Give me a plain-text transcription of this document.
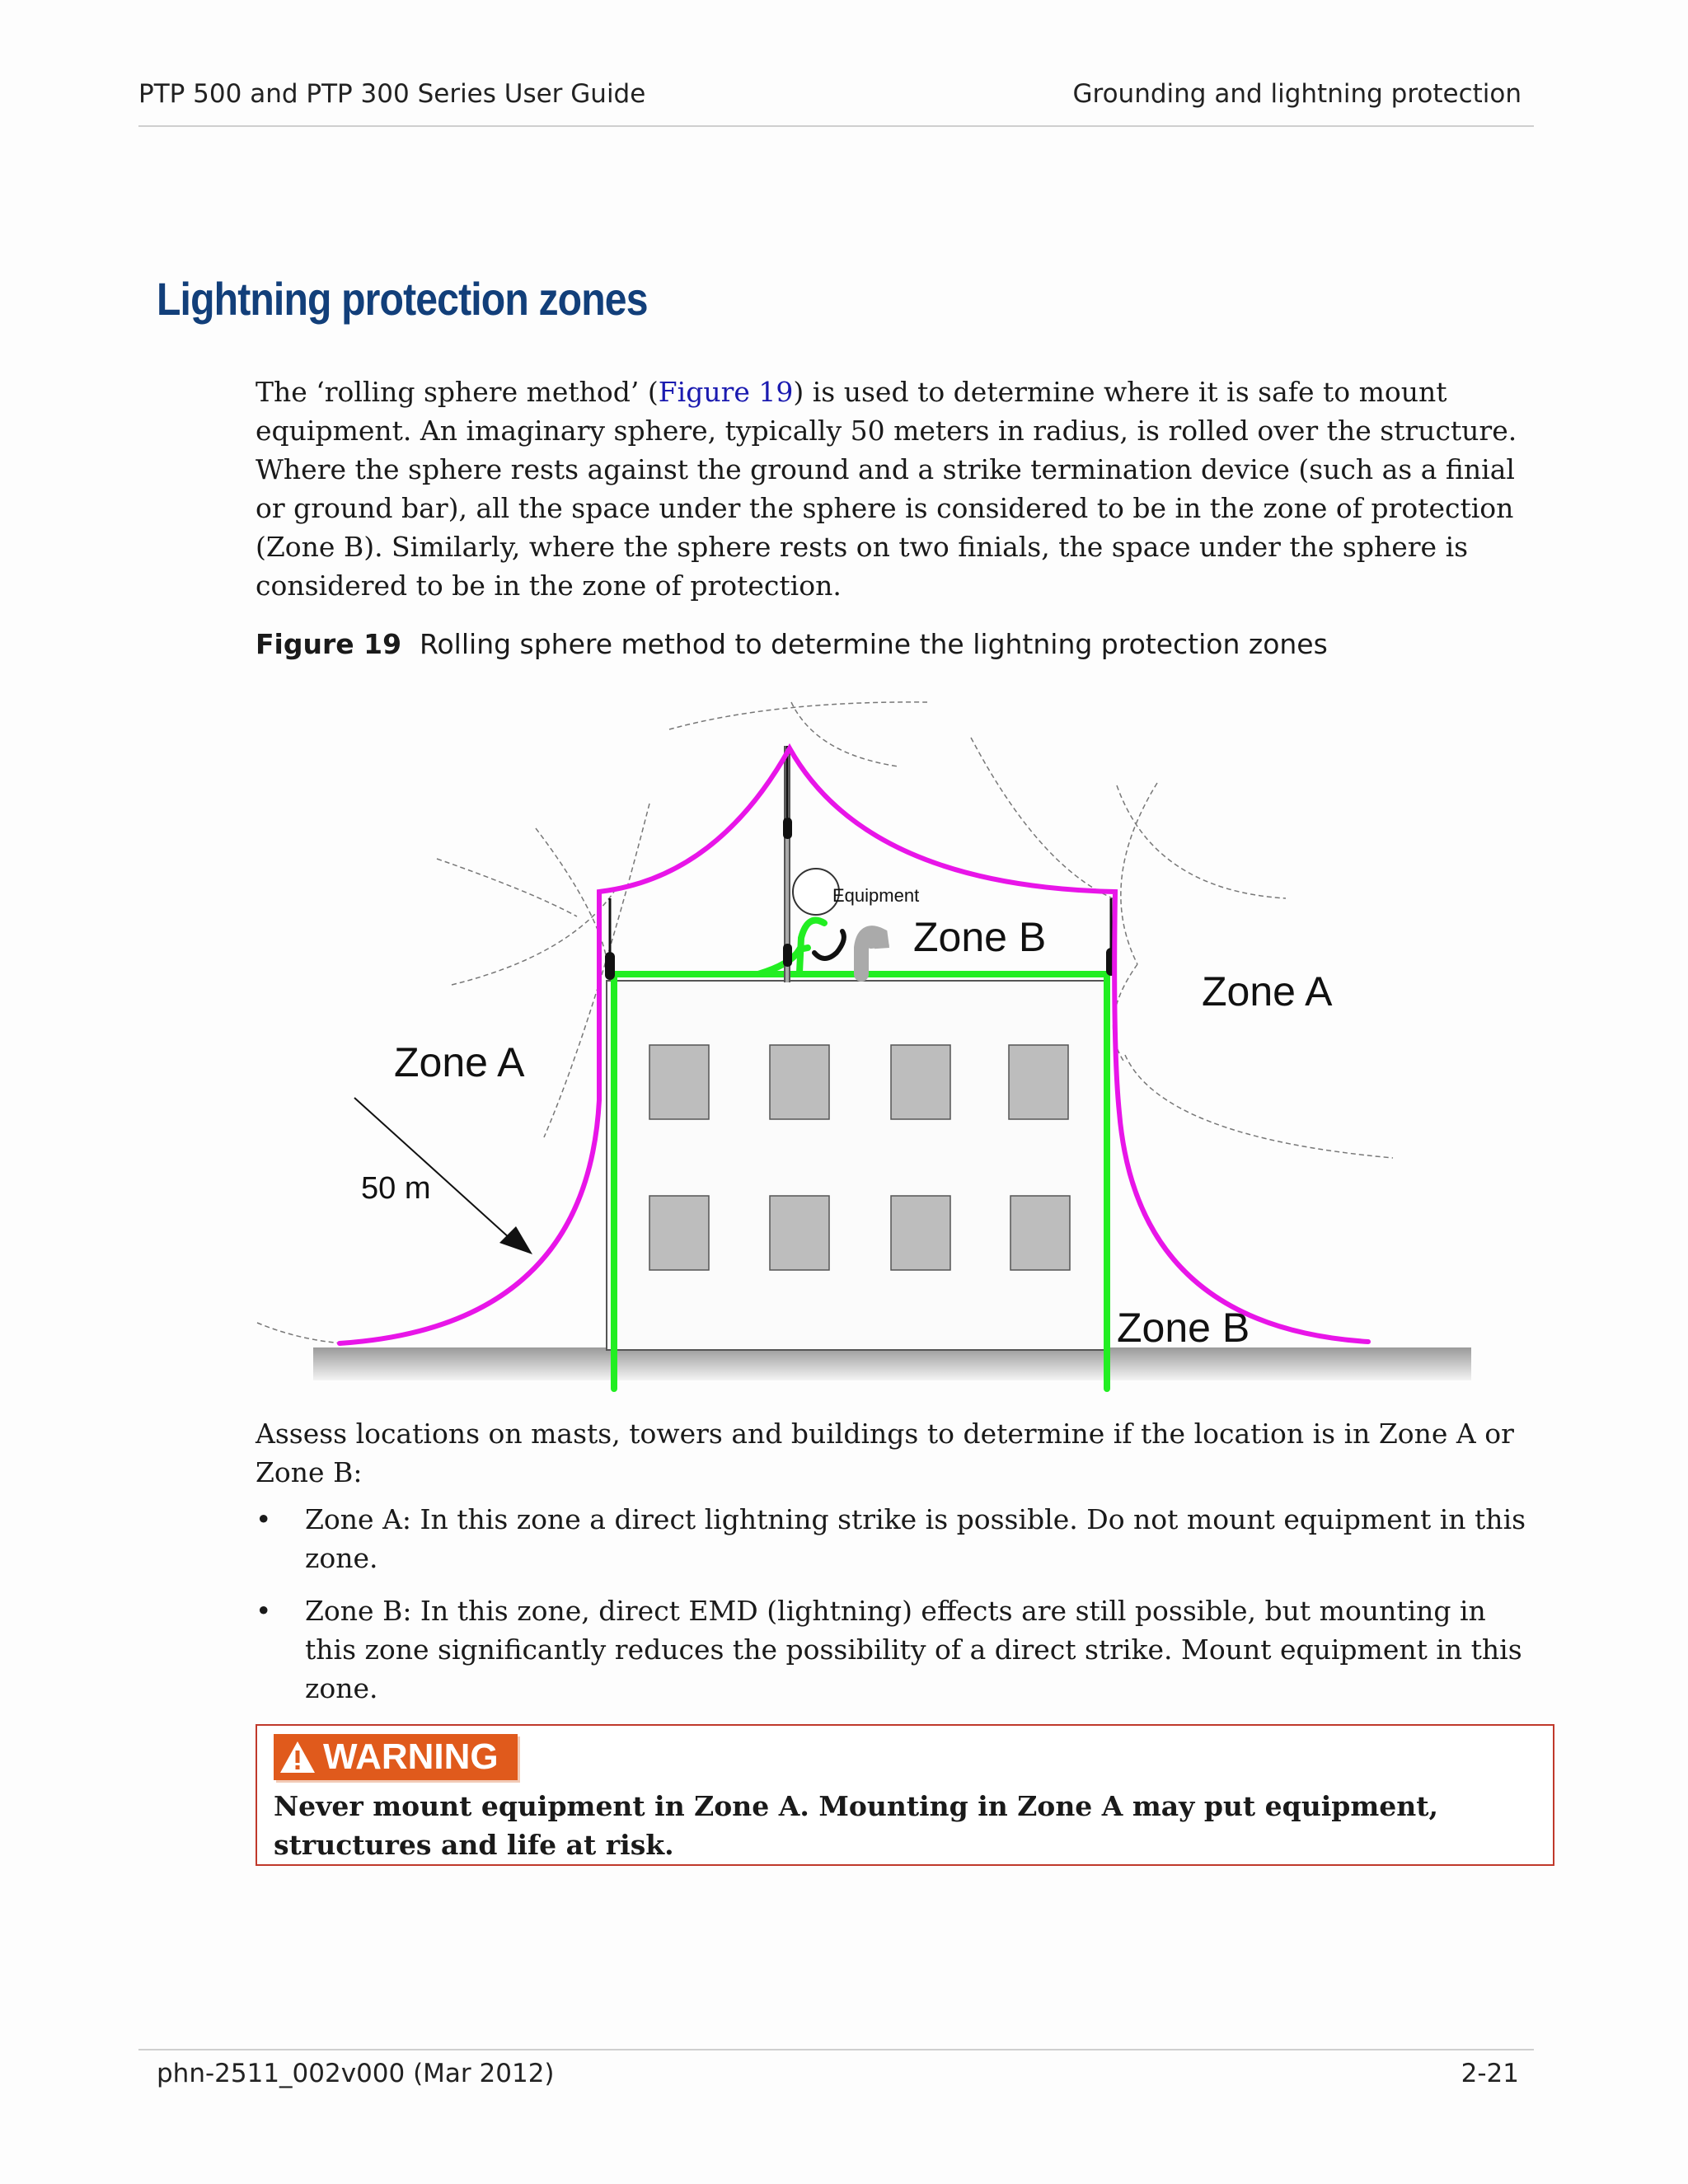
PTP 500 and PTP 300 Series User Guide	Grounding and lightning protection
Lightning protection zones

The ‘rolling sphere method’ (Figure 19) is used to determine where it is safe to mount equipment. An imaginary sphere, typically 50 meters in radius, is rolled over the structure. Where the sphere rests against the ground and a strike termination device (such as a finial or ground bar), all the space under the sphere is considered to be in the zone of protection (Zone B). Similarly, where the sphere rests on two finials, the space under the sphere is considered to be in the zone of protection.

Figure 19 Rolling sphere method to determine the lightning protection zones
Equipment
Zone B
Zone A
Zone A
50 m
Zone B

Assess locations on masts, towers and buildings to determine if the location is in Zone A or Zone B:

• Zone A: In this zone a direct lightning strike is possible. Do not mount equipment in this zone.
• Zone B: In this zone, direct EMD (lightning) effects are still possible, but mounting in this zone significantly reduces the possibility of a direct strike. Mount equipment in this zone.
WARNING
Never mount equipment in Zone A. Mounting in Zone A may put equipment, structures and life at risk.
phn-2511_002v000 (Mar 2012)	2-21
